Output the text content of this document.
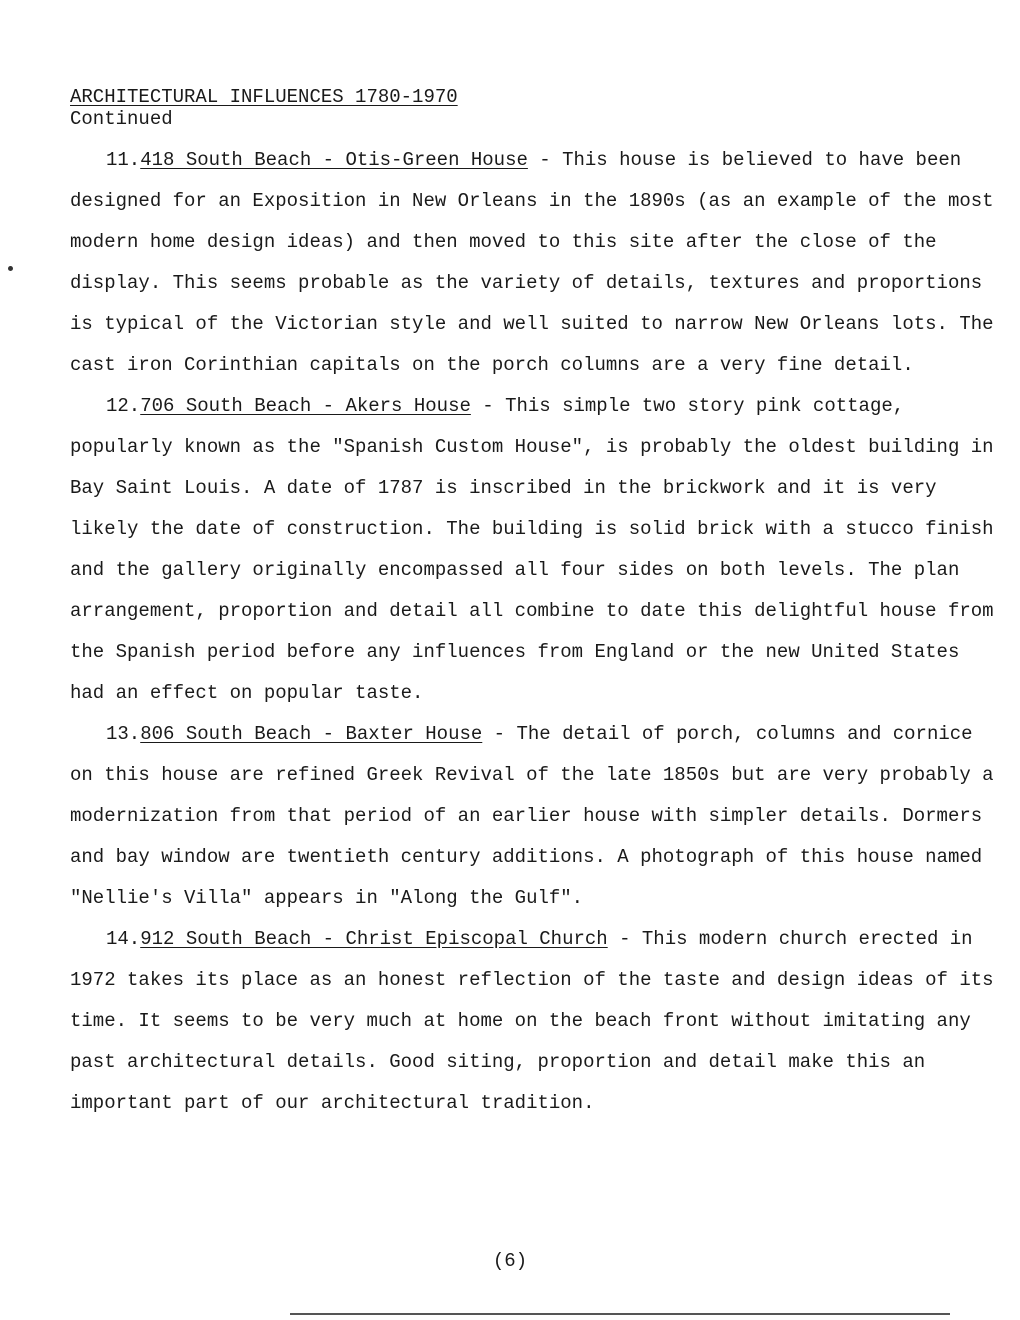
ARCHITECTURAL INFLUENCES 1780-1970
Continued

11.418 South Beach - Otis-Green House - This house is believed to have been designed for an Exposition in New Orleans in the 1890s (as an example of the most modern home design ideas) and then moved to this site after the close of the display. This seems probable as the variety of details, textures and proportions is typical of the Victorian style and well suited to narrow New Orleans lots. The cast iron Corinthian capitals on the porch columns are a very fine detail.

12.706 South Beach - Akers House - This simple two story pink cottage, popularly known as the "Spanish Custom House", is probably the oldest building in Bay Saint Louis. A date of 1787 is inscribed in the brickwork and it is very likely the date of construction. The building is solid brick with a stucco finish and the gallery originally encompassed all four sides on both levels. The plan arrangement, proportion and detail all combine to date this delightful house from the Spanish period before any influences from England or the new United States had an effect on popular taste.

13.806 South Beach - Baxter House - The detail of porch, columns and cornice on this house are refined Greek Revival of the late 1850s but are very probably a modernization from that period of an earlier house with simpler details. Dormers and bay window are twentieth century additions. A photograph of this house named "Nellie's Villa" appears in "Along the Gulf".

14.912 South Beach - Christ Episcopal Church - This modern church erected in 1972 takes its place as an honest reflection of the taste and design ideas of its time. It seems to be very much at home on the beach front without imitating any past architectural details. Good siting, proportion and detail make this an important part of our architectural tradition.

(6)
